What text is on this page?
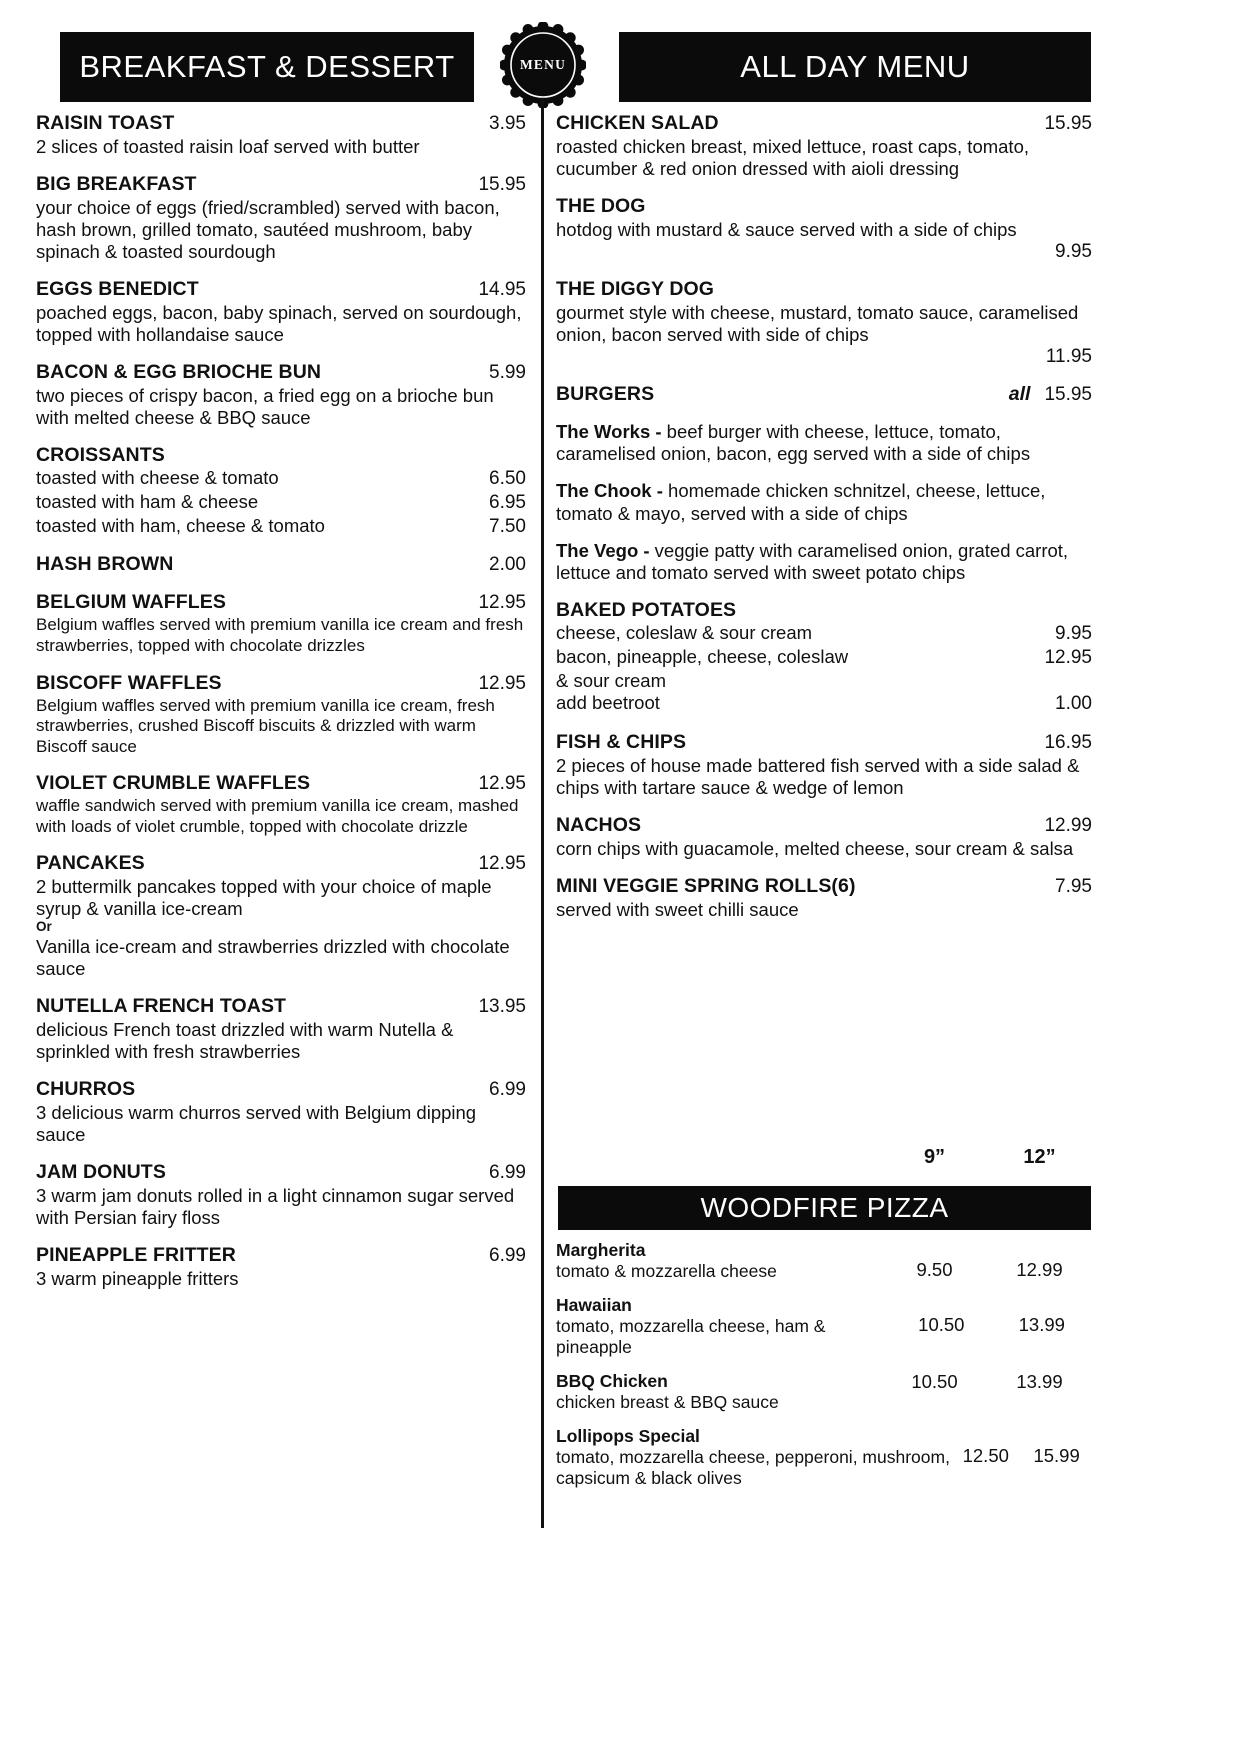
BREAKFAST & DESSERT	MENU	ALL DAY MENU
RAISIN TOAST	3.95
2 slices of toasted raisin loaf served with butter
BIG BREAKFAST	15.95
your choice of eggs (fried/scrambled) served with bacon, hash brown, grilled tomato, sautéed mushroom, baby spinach & toasted sourdough
EGGS BENEDICT	14.95
poached eggs, bacon, baby spinach, served on sourdough, topped with hollandaise sauce
BACON & EGG BRIOCHE BUN	5.99
two pieces of crispy bacon, a fried egg on a brioche bun with melted cheese & BBQ sauce
CROISSANTS
toasted with cheese & tomato	6.50
toasted with ham & cheese	6.95
toasted with ham, cheese & tomato	7.50
HASH BROWN	2.00
BELGIUM WAFFLES	12.95
Belgium waffles served with premium vanilla ice cream and fresh strawberries, topped with chocolate drizzles
BISCOFF WAFFLES	12.95
Belgium waffles served with premium vanilla ice cream, fresh strawberries, crushed Biscoff biscuits & drizzled with warm Biscoff sauce
VIOLET CRUMBLE WAFFLES	12.95
waffle sandwich served with premium vanilla ice cream, mashed with loads of violet crumble, topped with chocolate drizzle
PANCAKES	12.95
2 buttermilk pancakes topped with your choice of maple syrup & vanilla ice-cream
Or
Vanilla ice-cream and strawberries drizzled with chocolate sauce
NUTELLA FRENCH TOAST	13.95
delicious French toast drizzled with warm Nutella & sprinkled with fresh strawberries
CHURROS	6.99
3 delicious warm churros served with Belgium dipping sauce
JAM DONUTS	6.99
3 warm jam donuts rolled in a light cinnamon sugar served with Persian fairy floss
PINEAPPLE FRITTER	6.99
3 warm pineapple fritters
CHICKEN SALAD	15.95
roasted chicken breast, mixed lettuce, roast caps, tomato, cucumber & red onion dressed with aioli dressing
THE DOG
hotdog with mustard & sauce served with a side of chips
9.95
THE DIGGY DOG
gourmet style with cheese, mustard, tomato sauce, caramelised onion, bacon served with side of chips
11.95
BURGERS	all 15.95
The Works - beef burger with cheese, lettuce, tomato, caramelised onion, bacon, egg served with a side of chips
The Chook - homemade chicken schnitzel, cheese, lettuce, tomato & mayo, served with a side of chips
The Vego - veggie patty with caramelised onion, grated carrot, lettuce and tomato served with sweet potato chips
BAKED POTATOES
cheese, coleslaw & sour cream	9.95
bacon, pineapple, cheese, coleslaw	12.95
& sour cream
add beetroot	1.00
FISH & CHIPS	16.95
2 pieces of house made battered fish served with a side salad & chips with tartare sauce & wedge of lemon
NACHOS	12.99
corn chips with guacamole, melted cheese, sour cream & salsa
MINI VEGGIE SPRING ROLLS(6)	7.95
served with sweet chilli sauce
9”	12”
WOODFIRE PIZZA
Margherita
tomato & mozzarella cheese	9.50	12.99
Hawaiian
tomato, mozzarella cheese, ham & pineapple
10.50	13.99
BBQ Chicken
chicken breast & BBQ sauce
10.50	13.99
Lollipops Special
tomato, mozzarella cheese, pepperoni, mushroom, capsicum & black olives
12.50	15.99
